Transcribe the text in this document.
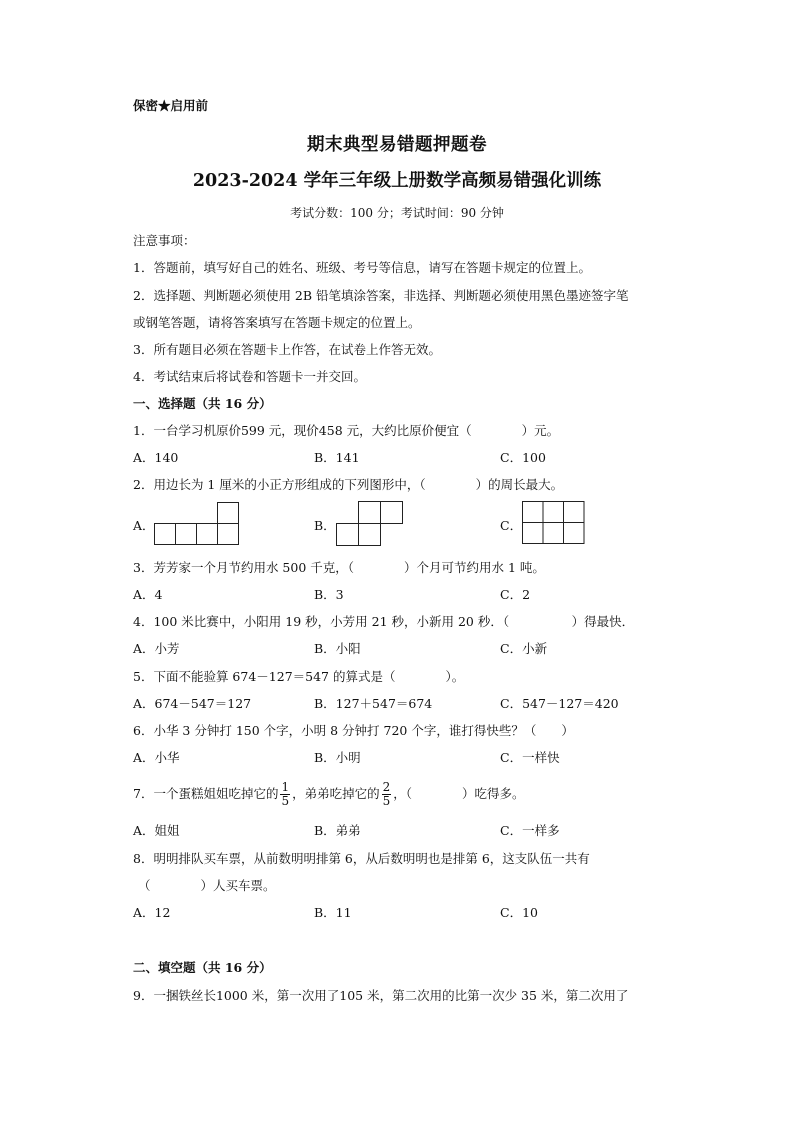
保密★启用前
期末典型易错题押题卷
2023-2024 学年三年级上册数学高频易错强化训练
考试分数：100 分；考试时间：90 分钟
注意事项：
1．答题前，填写好自己的姓名、班级、考号等信息，请写在答题卡规定的位置上。
2．选择题、判断题必须使用 2B 铅笔填涂答案，非选择、判断题必须使用黑色墨迹签字笔
或钢笔答题，请将答案填写在答题卡规定的位置上。
3．所有题目必须在答题卡上作答，在试卷上作答无效。
4．考试结束后将试卷和答题卡一并交回。
一、选择题（共 16 分）
1．一台学习机原价599 元，现价458 元，大约比原价便宜（　　　　）元。
A．140	B．141	C．100
2．用边长为 1 厘米的小正方形组成的下列图形中，（　　　　）的周长最大。
A．	B．	C．
3．芳芳家一个月节约用水 500 千克，（　　　　）个月可节约用水 1 吨。
A．4	B．3	C．2
4．100 米比赛中，小阳用 19 秒，小芳用 21 秒，小新用 20 秒．（　　　　　）得最快．
A．小芳	B．小阳	C．小新
5．下面不能验算 674－127＝547 的算式是（　　　　）。
A．674－547＝127	B．127＋547＝674	C．547－127＝420
6．小华 3 分钟打 150 个字，小明 8 分钟打 720 个字，谁打得快些？（　　）
A．小华	B．小明	C．一样快
7．一个蛋糕姐姐吃掉它的 $\frac{1}{5}$ ，弟弟吃掉它的 $\frac{2}{5}$ ，（　　　　）吃得多。
A．姐姐	B．弟弟	C．一样多
8．明明排队买车票，从前数明明排第 6，从后数明明也是排第 6，这支队伍一共有
（　　　　）人买车票。
A．12	B．11	C．10
二、填空题（共 16 分）
9．一捆铁丝长1000 米，第一次用了105 米，第二次用的比第一次少 35 米，第二次用了
